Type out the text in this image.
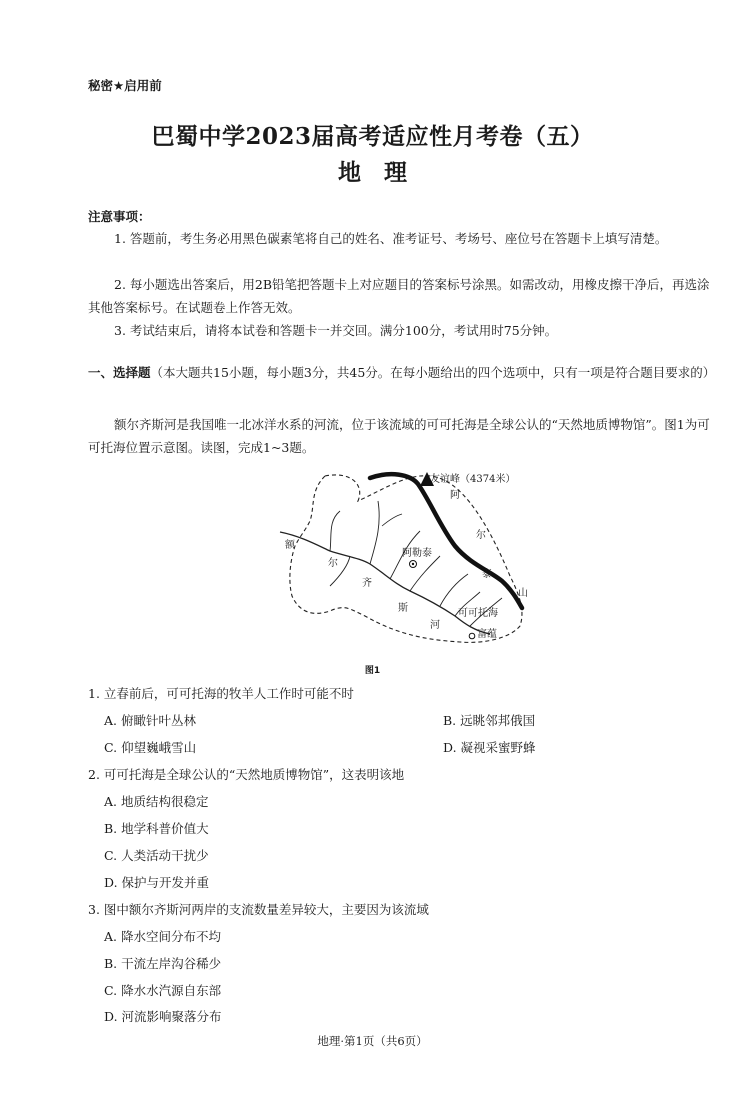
秘密★启用前
巴蜀中学2023届高考适应性月考卷（五）
地　理
注意事项：
1. 答题前，考生务必用黑色碳素笔将自己的姓名、准考证号、考场号、座位号在答题卡上填写清楚。
2. 每小题选出答案后，用2B铅笔把答题卡上对应题目的答案标号涂黑。如需改动，用橡皮擦干净后，再选涂其他答案标号。在试题卷上作答无效。
3. 考试结束后，请将本试卷和答题卡一并交回。满分100分，考试用时75分钟。
一、选择题（本大题共15小题，每小题3分，共45分。在每小题给出的四个选项中，只有一项是符合题目要求的）
额尔齐斯河是我国唯一北冰洋水系的河流，位于该流域的可可托海是全球公认的“天然地质博物馆”。图1为可可托海位置示意图。读图，完成1~3题。
友谊峰（4374米）
阿勒泰
可可托海
富蕴
阿
尔
泰
山
额
尔
齐
斯
河
图1
1. 立春前后，可可托海的牧羊人工作时可能不时
A. 俯瞰针叶丛林	B. 远眺邻邦俄国
C. 仰望巍峨雪山	D. 凝视采蜜野蜂
2. 可可托海是全球公认的“天然地质博物馆”，这表明该地
A. 地质结构很稳定
B. 地学科普价值大
C. 人类活动干扰少
D. 保护与开发并重
3. 图中额尔齐斯河两岸的支流数量差异较大，主要因为该流域
A. 降水空间分布不均
B. 干流左岸沟谷稀少
C. 降水水汽源自东部
D. 河流影响聚落分布
地理·第1页（共6页）
